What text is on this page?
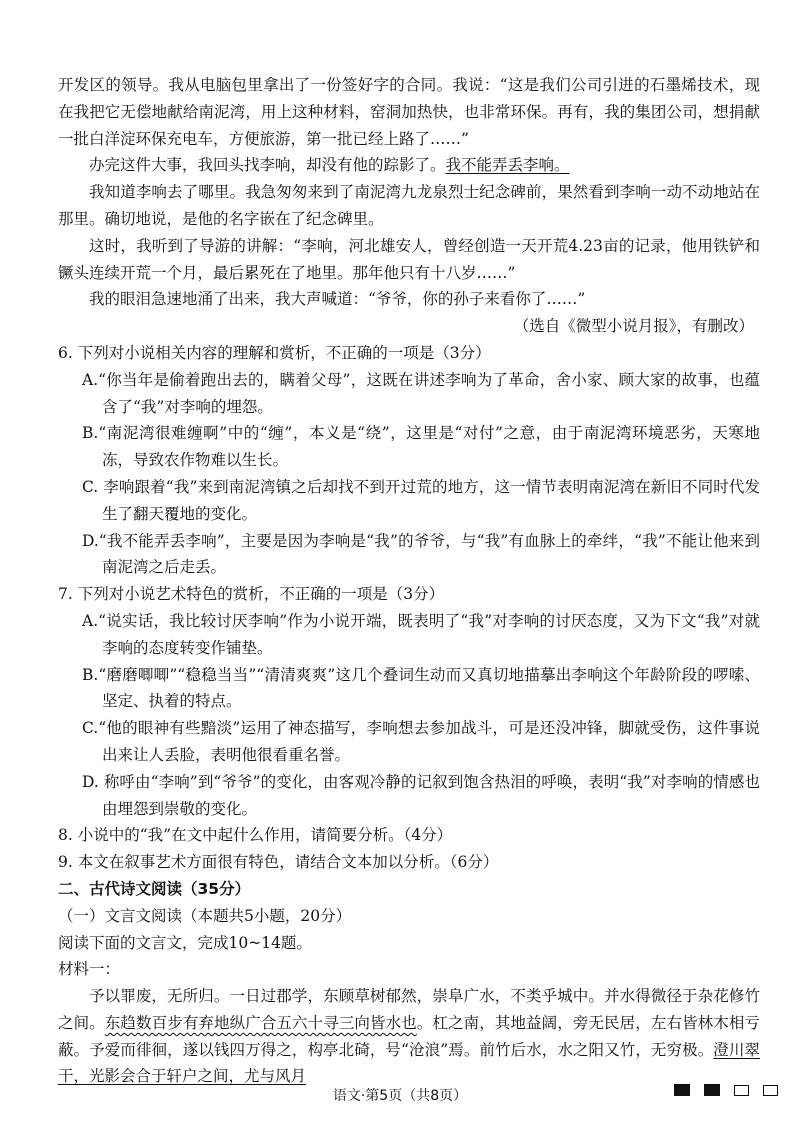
开发区的领导。我从电脑包里拿出了一份签好字的合同。我说：“这是我们公司引进的石墨烯技术，现在我把它无偿地献给南泥湾，用上这种材料，窑洞加热快，也非常环保。再有，我的集团公司，想捐献一批白洋淀环保充电车，方便旅游，第一批已经上路了……”

办完这件大事，我回头找李响，却没有他的踪影了。我不能弄丢李响。

我知道李响去了哪里。我急匆匆来到了南泥湾九龙泉烈士纪念碑前，果然看到李响一动不动地站在那里。确切地说，是他的名字嵌在了纪念碑里。

这时，我听到了导游的讲解：“李响，河北雄安人，曾经创造一天开荒4.23亩的记录，他用铁铲和镢头连续开荒一个月，最后累死在了地里。那年他只有十八岁……”

我的眼泪急速地涌了出来，我大声喊道：“爷爷，你的孙子来看你了……”

（选自《微型小说月报》，有删改）

6. 下列对小说相关内容的理解和赏析，不正确的一项是（3分）

A.“你当年是偷着跑出去的，瞒着父母”，这既在讲述李响为了革命，舍小家、顾大家的故事，也蕴含了“我”对李响的埋怨。

B.“南泥湾很难缠啊”中的“缠”，本义是“绕”，这里是“对付”之意，由于南泥湾环境恶劣，天寒地冻，导致农作物难以生长。

C. 李响跟着“我”来到南泥湾镇之后却找不到开过荒的地方，这一情节表明南泥湾在新旧不同时代发生了翻天覆地的变化。

D.“我不能弄丢李响”，主要是因为李响是“我”的爷爷，与“我”有血脉上的牵绊，“我”不能让他来到南泥湾之后走丢。

7. 下列对小说艺术特色的赏析，不正确的一项是（3分）

A.“说实话，我比较讨厌李响”作为小说开端，既表明了“我”对李响的讨厌态度，又为下文“我”对就李响的态度转变作铺垫。

B.“磨磨唧唧”“稳稳当当”“清清爽爽”这几个叠词生动而又真切地描摹出李响这个年龄阶段的啰嗦、坚定、执着的特点。

C.“他的眼神有些黯淡”运用了神态描写，李响想去参加战斗，可是还没冲锋，脚就受伤，这件事说出来让人丢脸，表明他很看重名誉。

D. 称呼由“李响”到“爷爷”的变化，由客观冷静的记叙到饱含热泪的呼唤，表明“我”对李响的情感也由埋怨到崇敬的变化。

8. 小说中的“我”在文中起什么作用，请简要分析。（4分）

9. 本文在叙事艺术方面很有特色，请结合文本加以分析。（6分）

二、古代诗文阅读（35分）

（一）文言文阅读（本题共5小题，20分）

阅读下面的文言文，完成10~14题。

材料一：

予以罪废，无所归。一日过郡学，东顾草树郁然，崇阜广水，不类乎城中。并水得微径于杂花修竹之间。东趋数百步有弃地纵广合五六十寻三向皆水也。杠之南，其地益阔，旁无民居，左右皆林木相亏蔽。予爱而徘徊，遂以钱四万得之，构亭北碕，号“沧浪”焉。前竹后水，水之阳又竹，无穷极。澄川翠干，光影会合于轩户之间，尤与风月

语文·第5页（共8页）
